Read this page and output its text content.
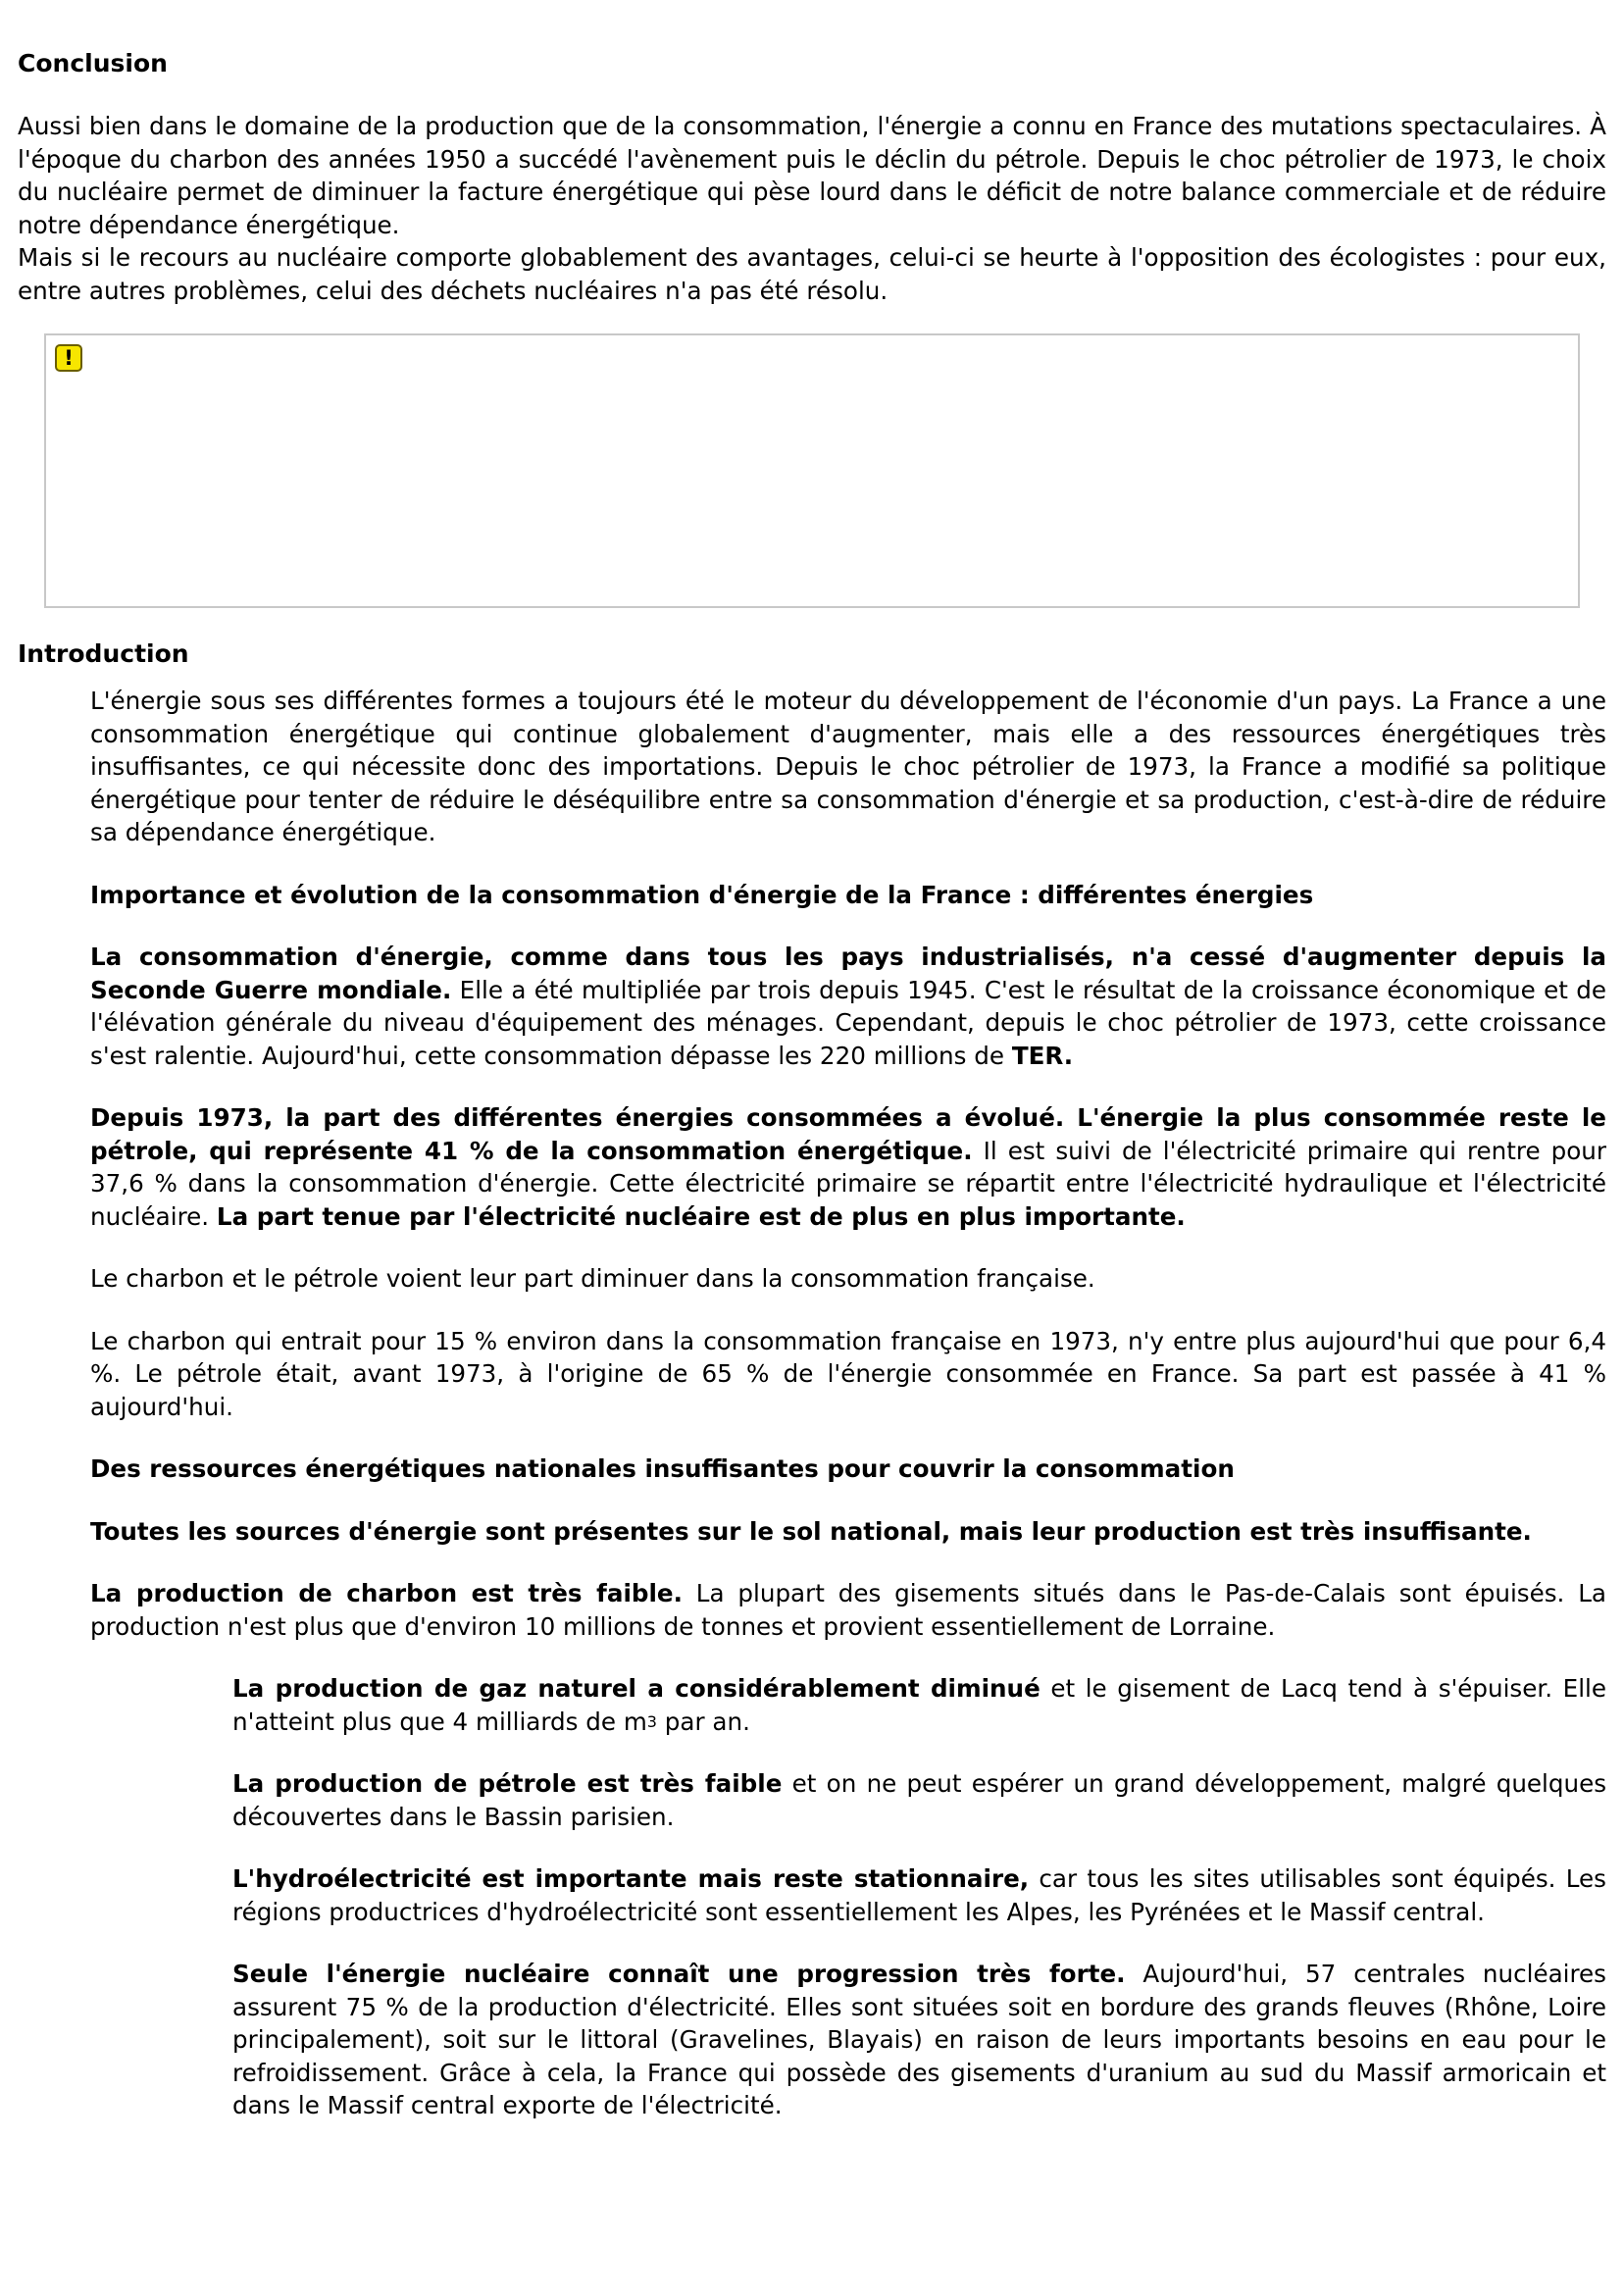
Conclusion

Aussi bien dans le domaine de la production que de la consommation, l'énergie a connu en France des mutations spectaculaires. À l'époque du charbon des années 1950 a succédé l'avènement puis le déclin du pétrole. Depuis le choc pétrolier de 1973, le choix du nucléaire permet de diminuer la facture énergétique qui pèse lourd dans le déficit de notre balance commerciale et de réduire notre dépendance énergétique.

Mais si le recours au nucléaire comporte globablement des avantages, celui-ci se heurte à l'opposition des écologistes : pour eux, entre autres problèmes, celui des déchets nucléaires n'a pas été résolu.

!
Introduction

L'énergie sous ses différentes formes a toujours été le moteur du développement de l'économie d'un pays. La France a une consommation énergétique qui continue globalement d'augmenter, mais elle a des ressources énergétiques très insuffisantes, ce qui nécessite donc des importations. Depuis le choc pétrolier de 1973, la France a modifié sa politique énergétique pour tenter de réduire le déséquilibre entre sa consommation d'énergie et sa production, c'est-à-dire de réduire sa dépendance énergétique.

Importance et évolution de la consommation d'énergie de la France : différentes énergies

La consommation d'énergie, comme dans tous les pays industrialisés, n'a cessé d'augmenter depuis la Seconde Guerre mondiale. Elle a été multipliée par trois depuis 1945. C'est le résultat de la croissance économique et de l'élévation générale du niveau d'équipement des ménages. Cependant, depuis le choc pétrolier de 1973, cette croissance s'est ralentie. Aujourd'hui, cette consommation dépasse les 220 millions de TER.

Depuis 1973, la part des différentes énergies consommées a évolué. L'énergie la plus consommée reste le pétrole, qui représente 41 % de la consommation énergétique. Il est suivi de l'électricité primaire qui rentre pour 37,6 % dans la consommation d'énergie. Cette électricité primaire se répartit entre l'électricité hydraulique et l'électricité nucléaire. La part tenue par l'électricité nucléaire est de plus en plus importante.

Le charbon et le pétrole voient leur part diminuer dans la consommation française.

Le charbon qui entrait pour 15 % environ dans la consommation française en 1973, n'y entre plus aujourd'hui que pour 6,4 %. Le pétrole était, avant 1973, à l'origine de 65 % de l'énergie consommée en France. Sa part est passée à 41 % aujourd'hui.

Des ressources énergétiques nationales insuffisantes pour couvrir la consommation

Toutes les sources d'énergie sont présentes sur le sol national, mais leur production est très insuffisante.

La production de charbon est très faible. La plupart des gisements situés dans le Pas-de-Calais sont épuisés. La production n'est plus que d'environ 10 millions de tonnes et provient essentiellement de Lorraine.

La production de gaz naturel a considérablement diminué et le gisement de Lacq tend à s'épuiser. Elle n'atteint plus que 4 milliards de $m^3$ par an.

La production de pétrole est très faible et on ne peut espérer un grand développement, malgré quelques découvertes dans le Bassin parisien.

L'hydroélectricité est importante mais reste stationnaire, car tous les sites utilisables sont équipés. Les régions productrices d'hydroélectricité sont essentiellement les Alpes, les Pyrénées et le Massif central.

Seule l'énergie nucléaire connaît une progression très forte. Aujourd'hui, 57 centrales nucléaires assurent 75 % de la production d'électricité. Elles sont situées soit en bordure des grands fleuves (Rhône, Loire principalement), soit sur le littoral (Gravelines, Blayais) en raison de leurs importants besoins en eau pour le refroidissement. Grâce à cela, la France qui possède des gisements d'uranium au sud du Massif armoricain et dans le Massif central exporte de l'électricité.
